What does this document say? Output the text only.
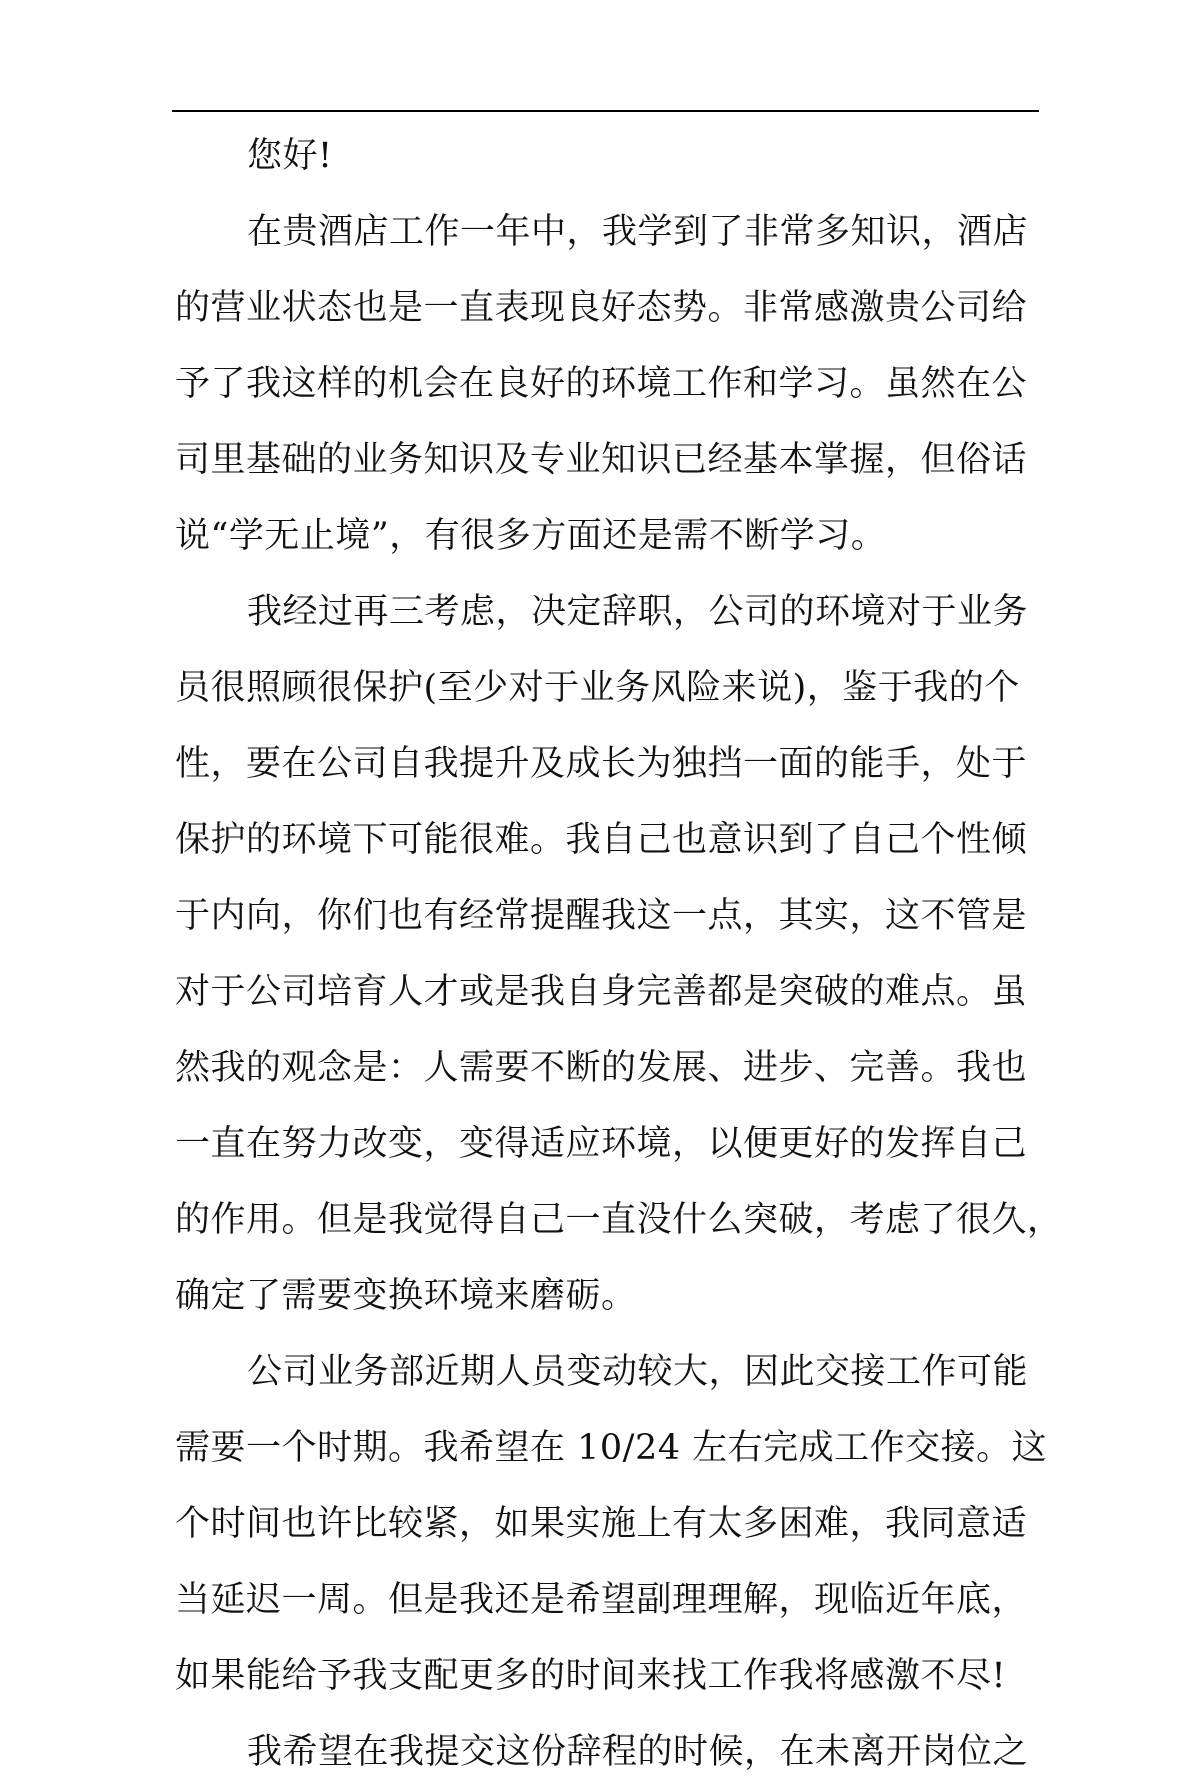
您好!
在贵酒店工作一年中，我学到了非常多知识，酒店
的营业状态也是一直表现良好态势。非常感激贵公司给
予了我这样的机会在良好的环境工作和学习。虽然在公
司里基础的业务知识及专业知识已经基本掌握，但俗话
说“学无止境”，有很多方面还是需不断学习。
我经过再三考虑，决定辞职，公司的环境对于业务
员很照顾很保护(至少对于业务风险来说)，鉴于我的个
性，要在公司自我提升及成长为独挡一面的能手，处于
保护的环境下可能很难。我自己也意识到了自己个性倾
于内向，你们也有经常提醒我这一点，其实，这不管是
对于公司培育人才或是我自身完善都是突破的难点。虽
然我的观念是：人需要不断的发展、进步、完善。我也
一直在努力改变，变得适应环境，以便更好的发挥自己
的作用。但是我觉得自己一直没什么突破，考虑了很久，
确定了需要变换环境来磨砺。
公司业务部近期人员变动较大，因此交接工作可能
需要一个时期。我希望在 10/24 左右完成工作交接。这
个时间也许比较紧，如果实施上有太多困难，我同意适
当延迟一周。但是我还是希望副理理解，现临近年底，
如果能给予我支配更多的时间来找工作我将感激不尽!
我希望在我提交这份辞程的时候，在未离开岗位之
